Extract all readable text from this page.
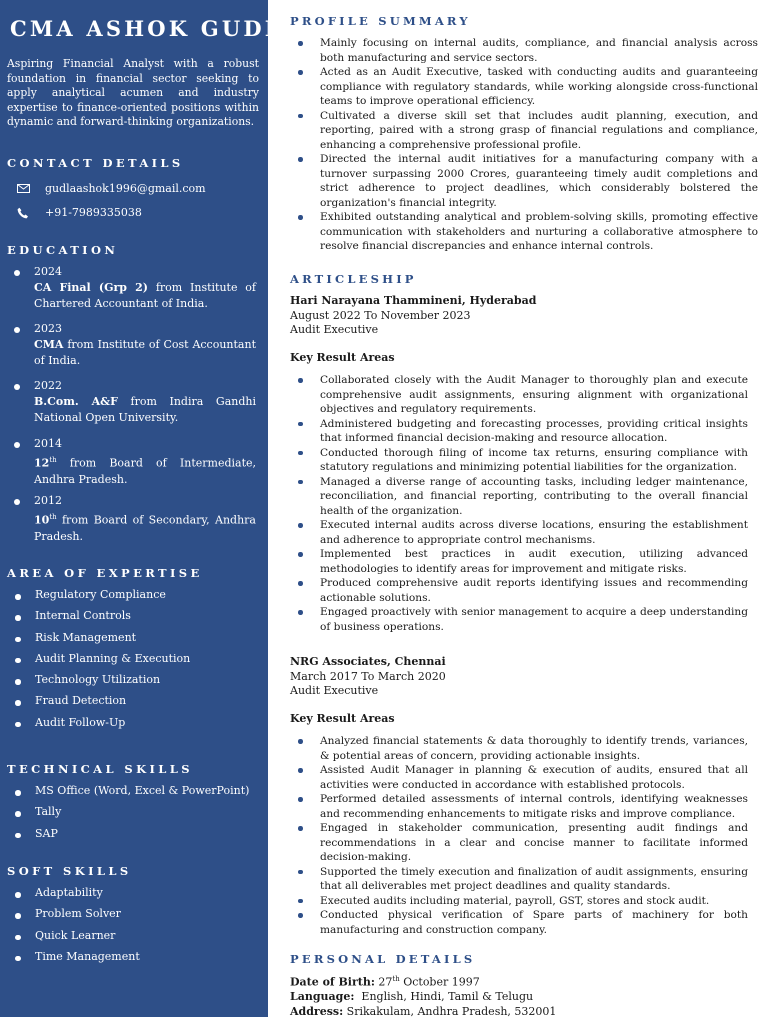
CMA ASHOK GUDLA
Aspiring Financial Analyst with a robust foundation in financial sector seeking to apply analytical acumen and industry expertise to finance-oriented positions within dynamic and forward-thinking organizations.
CONTACT DETAILS
gudlaashok1996@gmail.com
+91-7989335038
EDUCATION
2024
CA Final (Grp 2) from Institute of Chartered Accountant of India.
2023
CMA from Institute of Cost Accountant of India.
2022
B.Com. A&F from Indira Gandhi National Open University.
2014
12th from Board of Intermediate, Andhra Pradesh.
2012
10th from Board of Secondary, Andhra Pradesh.
AREA OF EXPERTISE
Regulatory Compliance
Internal Controls
Risk Management
Audit Planning & Execution
Technology Utilization
Fraud Detection
Audit Follow-Up
TECHNICAL SKILLS
MS Office (Word, Excel & PowerPoint)
Tally
SAP
SOFT SKILLS
Adaptability
Problem Solver
Quick Learner
Time Management
PROFILE SUMMARY
Mainly focusing on internal audits, compliance, and financial analysis across both manufacturing and service sectors.
Acted as an Audit Executive, tasked with conducting audits and guaranteeing compliance with regulatory standards, while working alongside cross-functional teams to improve operational efficiency.
Cultivated a diverse skill set that includes audit planning, execution, and reporting, paired with a strong grasp of financial regulations and compliance, enhancing a comprehensive professional profile.
Directed the internal audit initiatives for a manufacturing company with a turnover surpassing 2000 Crores, guaranteeing timely audit completions and strict adherence to project deadlines, which considerably bolstered the organization's financial integrity.
Exhibited outstanding analytical and problem-solving skills, promoting effective communication with stakeholders and nurturing a collaborative atmosphere to resolve financial discrepancies and enhance internal controls.
ARTICLESHIP
Hari Narayana Thammineni, Hyderabad
August 2022 To November 2023
Audit Executive
Key Result Areas
Collaborated closely with the Audit Manager to thoroughly plan and execute comprehensive audit assignments, ensuring alignment with organizational objectives and regulatory requirements.
Administered budgeting and forecasting processes, providing critical insights that informed financial decision-making and resource allocation.
Conducted thorough filing of income tax returns, ensuring compliance with statutory regulations and minimizing potential liabilities for the organization.
Managed a diverse range of accounting tasks, including ledger maintenance, reconciliation, and financial reporting, contributing to the overall financial health of the organization.
Executed internal audits across diverse locations, ensuring the establishment and adherence to appropriate control mechanisms.
Implemented best practices in audit execution, utilizing advanced methodologies to identify areas for improvement and mitigate risks.
Produced comprehensive audit reports identifying issues and recommending actionable solutions.
Engaged proactively with senior management to acquire a deep understanding of business operations.
NRG Associates, Chennai
March 2017 To March 2020
Audit Executive
Key Result Areas
Analyzed financial statements & data thoroughly to identify trends, variances, & potential areas of concern, providing actionable insights.
Assisted Audit Manager in planning & execution of audits, ensured that all activities were conducted in accordance with established protocols.
Performed detailed assessments of internal controls, identifying weaknesses and recommending enhancements to mitigate risks and improve compliance.
Engaged in stakeholder communication, presenting audit findings and recommendations in a clear and concise manner to facilitate informed decision-making.
Supported the timely execution and finalization of audit assignments, ensuring that all deliverables met project deadlines and quality standards.
Executed audits including material, payroll, GST, stores and stock audit.
Conducted physical verification of Spare parts of machinery for both manufacturing and construction company.
PERSONAL DETAILS
Date of Birth: 27th October 1997
Language:  English, Hindi, Tamil & Telugu
Address: Srikakulam, Andhra Pradesh, 532001
